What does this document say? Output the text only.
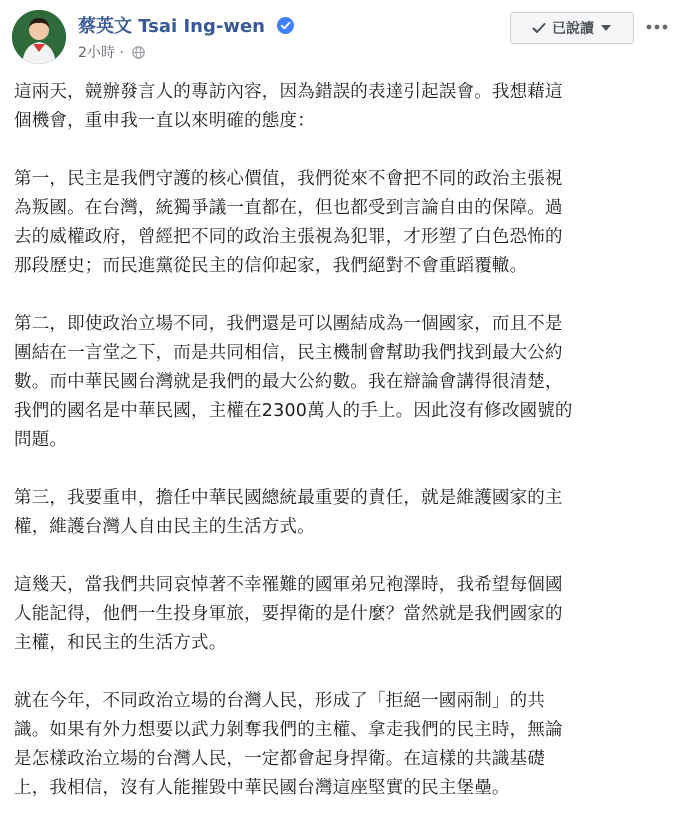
蔡英文 Tsai Ing-wen
2小時 ·
已說讀

這兩天，競辦發言人的專訪內容，因為錯誤的表達引起誤會。我想藉這
個機會，重申我一直以來明確的態度：

第一，民主是我們守護的核心價值，我們從來不會把不同的政治主張視
為叛國。在台灣，統獨爭議一直都在，但也都受到言論自由的保障。過
去的威權政府，曾經把不同的政治主張視為犯罪，才形塑了白色恐怖的
那段歷史；而民進黨從民主的信仰起家，我們絕對不會重蹈覆轍。

第二，即使政治立場不同，我們還是可以團結成為一個國家，而且不是
團結在一言堂之下，而是共同相信，民主機制會幫助我們找到最大公約
數。而中華民國台灣就是我們的最大公約數。我在辯論會講得很清楚，
我們的國名是中華民國，主權在2300萬人的手上。因此沒有修改國號的
問題。

第三，我要重申，擔任中華民國總統最重要的責任，就是維護國家的主
權，維護台灣人自由民主的生活方式。

這幾天，當我們共同哀悼著不幸罹難的國軍弟兄袍澤時，我希望每個國
人能記得，他們一生投身軍旅，要捍衛的是什麼？當然就是我們國家的
主權，和民主的生活方式。

就在今年，不同政治立場的台灣人民，形成了「拒絕一國兩制」的共
識。如果有外力想要以武力剝奪我們的主權、拿走我們的民主時，無論
是怎樣政治立場的台灣人民，一定都會起身捍衛。在這樣的共識基礎
上，我相信，沒有人能摧毀中華民國台灣這座堅實的民主堡壘。
